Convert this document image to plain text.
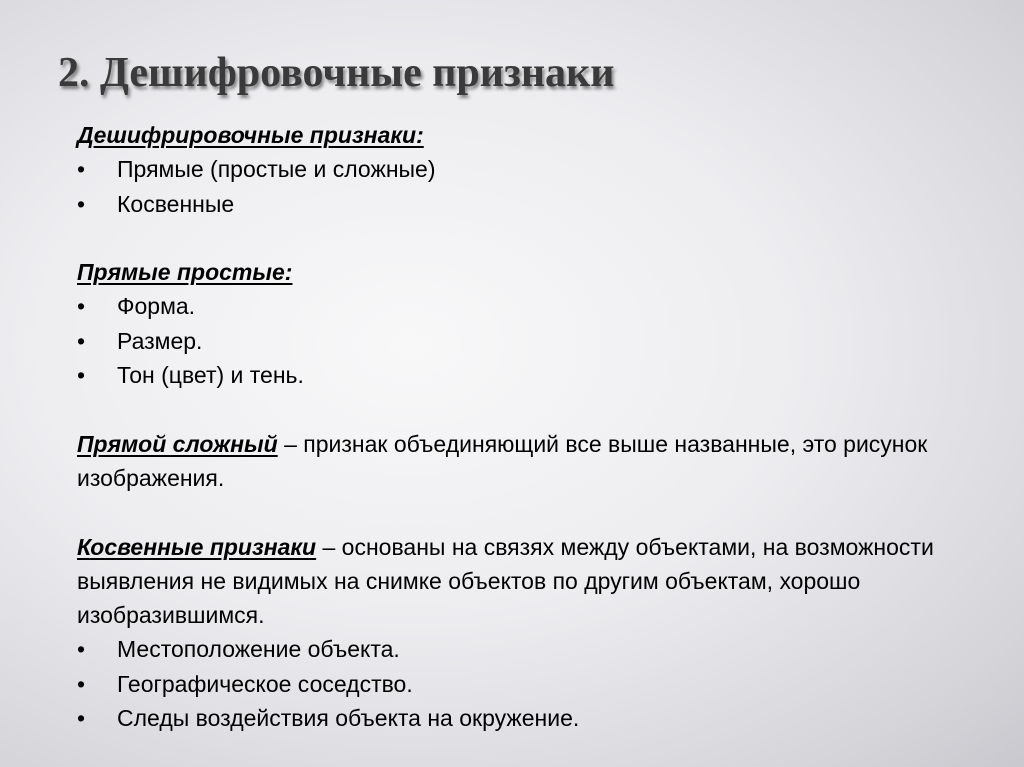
2. Дешифровочные признаки

Дешифрировочные признаки:

• Прямые (простые и сложные)
• Косвенные

Прямые простые:

• Форма.
• Размер.
• Тон (цвет) и тень.

Прямой сложный – признак объединяющий все выше названные, это рисунок изображения.

Косвенные признаки – основаны на связях между объектами, на возможности выявления не видимых на снимке объектов по другим объектам, хорошо изобразившимся.

• Местоположение объекта.
• Географическое соседство.
• Следы воздействия объекта на окружение.
